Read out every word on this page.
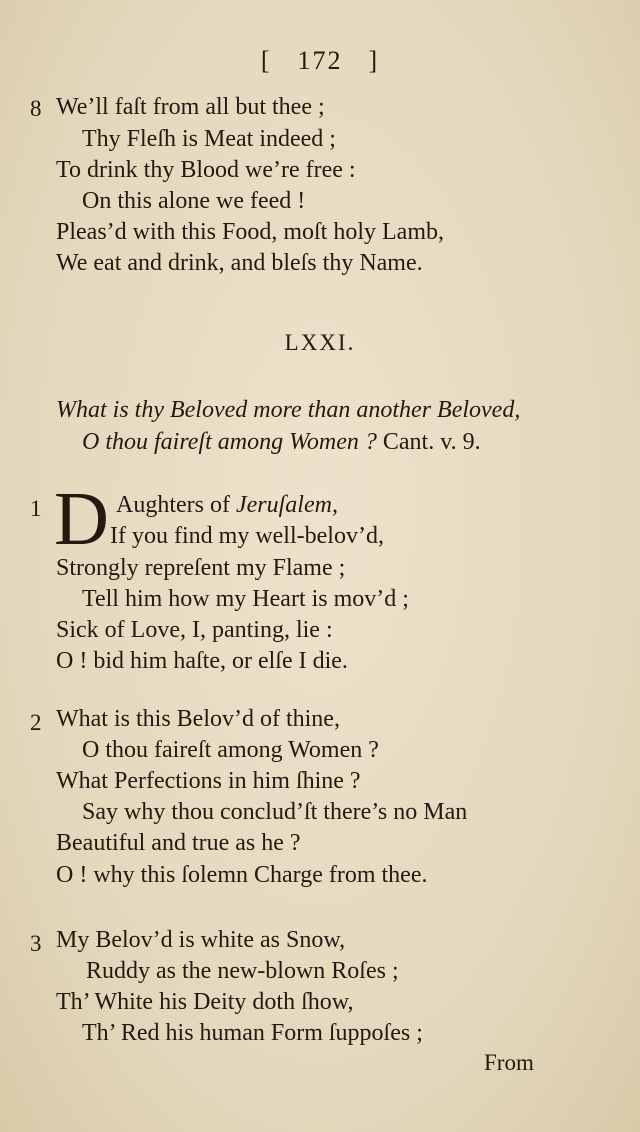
[ 172 ]
8 We’ll faſt from all but thee ;
Thy Fleſh is Meat indeed ;
To drink thy Blood we’re free :
On this alone we feed !
Pleas’d with this Food, moſt holy Lamb,
We eat and drink, and bleſs thy Name.
LXXI.
What is thy Beloved more than another Beloved,
O thou faireſt among Women ? Cant. v. 9.
1 D Aughters of Jeruſalem,
If you find my well-belov’d,
Strongly repreſent my Flame ;
Tell him how my Heart is mov’d ;
Sick of Love, I, panting, lie :
O ! bid him haſte, or elſe I die.
2 What is this Belov’d of thine,
O thou faireſt among Women ?
What Perfections in him ſhine ?
Say why thou conclud’ſt there’s no Man
Beautiful and true as he ?
O ! why this ſolemn Charge from thee.
3 My Belov’d is white as Snow,
Ruddy as the new-blown Roſes ;
Th’ White his Deity doth ſhow,
Th’ Red his human Form ſuppoſes ;
From
